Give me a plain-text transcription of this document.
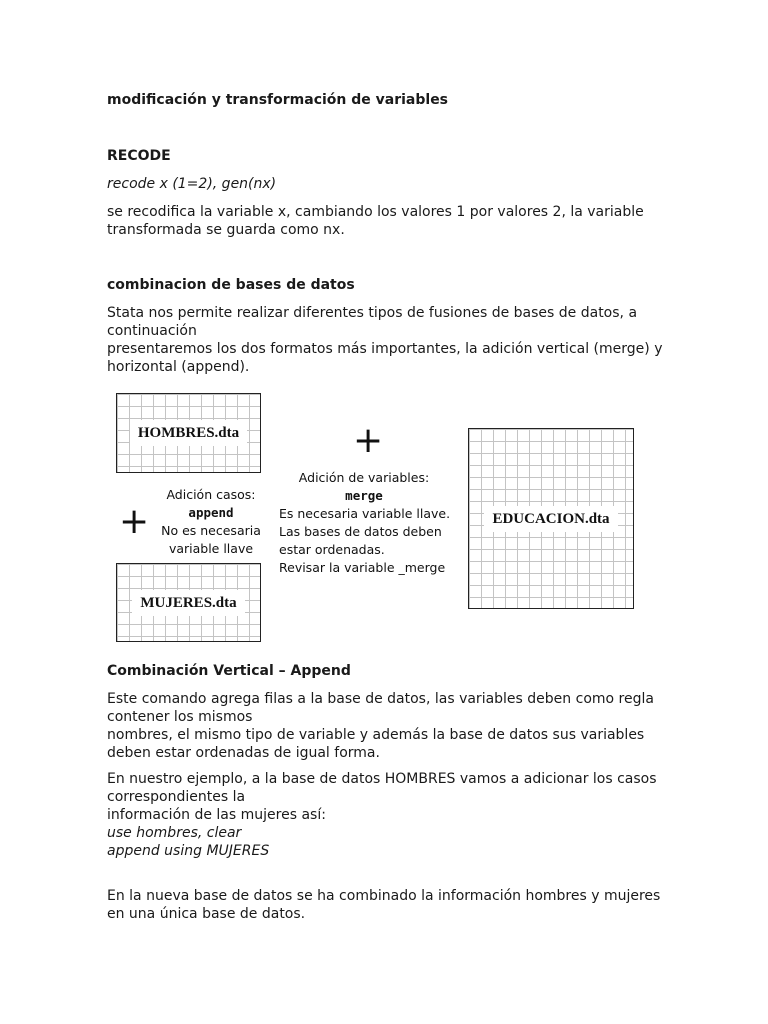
modificación y transformación de variables

RECODE

recode x (1=2), gen(nx)

se recodifica la variable x, cambiando los valores 1 por valores 2, la variable transformada se guarda como nx.

combinacion de bases de datos

Stata nos permite realizar diferentes tipos de fusiones de bases de datos, a continuación
presentaremos los dos formatos más importantes, la adición vertical (merge) y horizontal (append).
HOMBRES.dta
MUJERES.dta
EDUCACION.dta
+
+
Adición casos:
append
No es necesaria
variable llave
Adición de variables:
merge
Es necesaria variable llave.
Las bases de datos deben
estar ordenadas.
Revisar la variable _merge

Combinación Vertical – Append

Este comando agrega filas a la base de datos, las variables deben como regla contener los mismos
nombres, el mismo tipo de variable y además la base de datos sus variables deben estar ordenadas de igual forma.
En nuestro ejemplo, a la base de datos HOMBRES vamos a adicionar los casos correspondientes la
información de las mujeres así:
use hombres, clear
append using MUJERES

En la nueva base de datos se ha combinado la información hombres y mujeres en una única base de datos.
